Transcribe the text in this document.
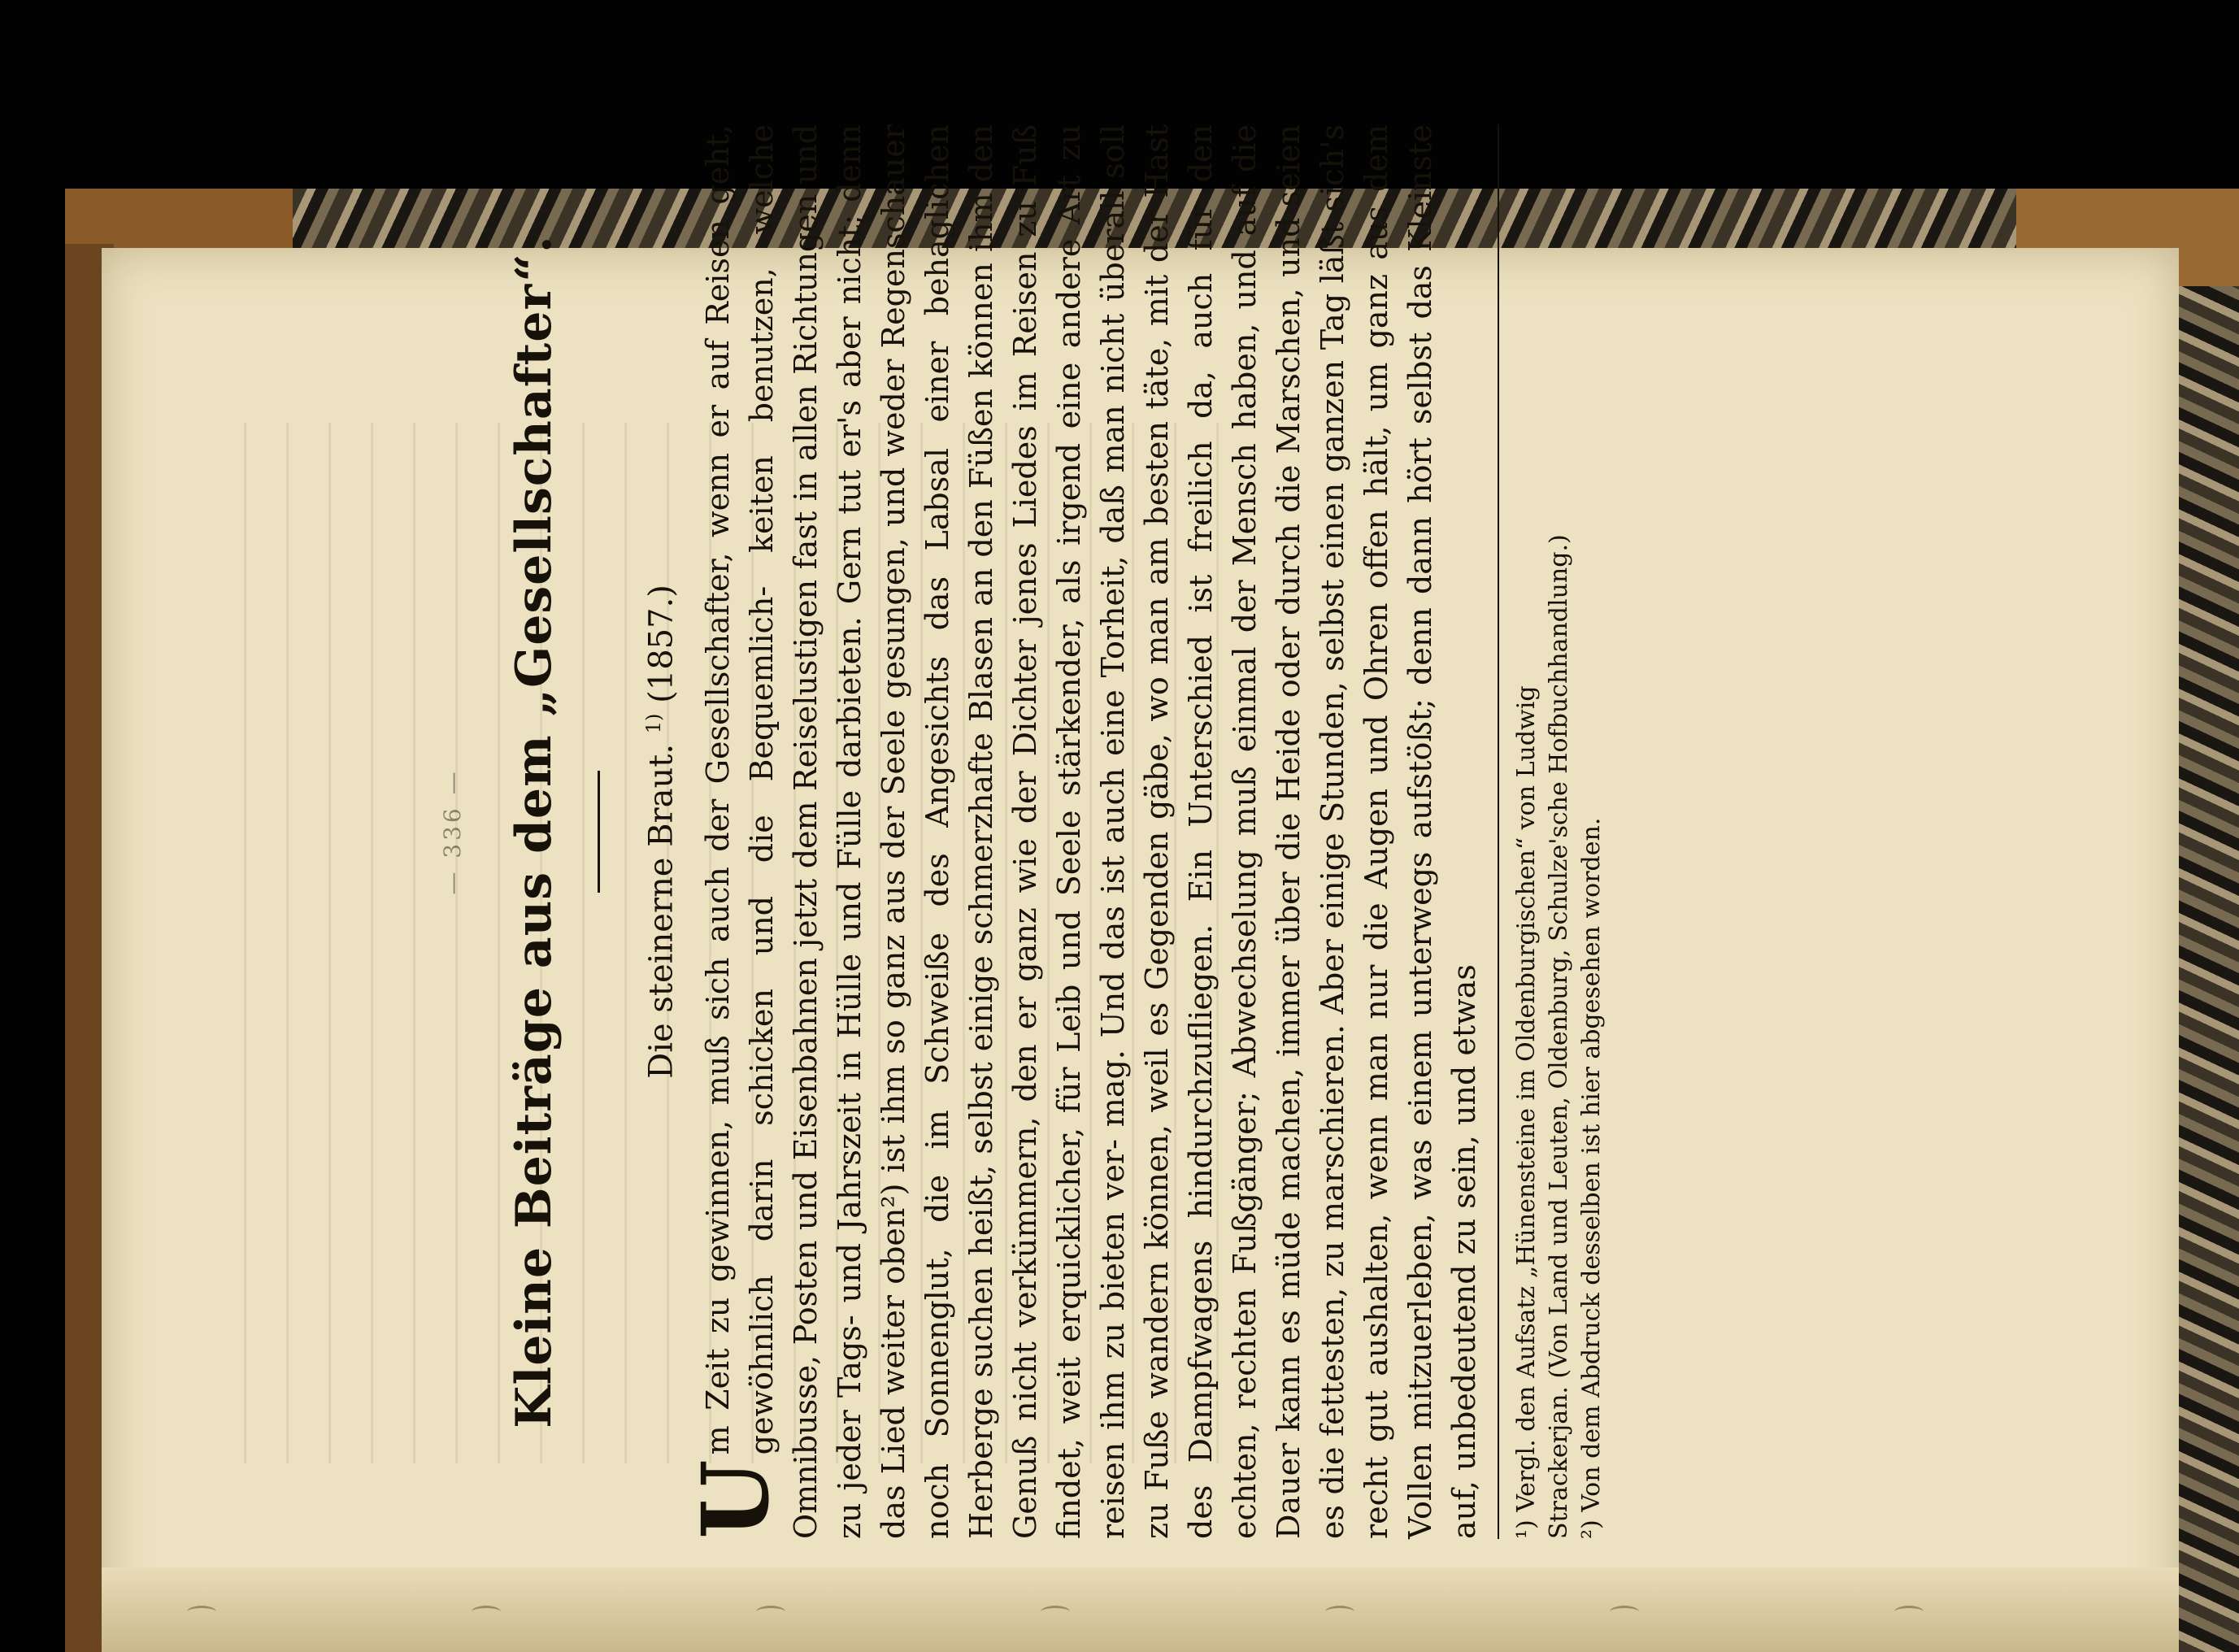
— 336 — Kleine Beiträge aus dem „Gesellschafter“.	Die steinerne Braut. $^{1)}$ (1857.)

U
m Zeit zu gewinnen, muß sich auch der Gesellschafter, wenn er auf Reisen geht, gewöhnlich darin schicken und die Bequemlich- keiten benutzen, welche Omnibusse, Posten und Eisenbahnen jetzt dem Reiselustigen fast in allen Richtungen und zu jeder Tags- und Jahrszeit in Hülle und Fülle darbieten. Gern tut er's aber nicht; denn das Lied weiter oben²) ist ihm so ganz aus der Seele gesungen, und weder Regenschauer noch Sonnenglut, die im Schweiße des Angesichts das Labsal einer behaglichen Herberge suchen heißt, selbst einige schmerzhafte Blasen an den Füßen können ihm den Genuß nicht verkümmern, den er ganz wie der Dichter jenes Liedes im Reisen zu Fuß findet, weit erquicklicher, für Leib und Seele stärkender, als irgend eine andere Art zu reisen ihm zu bieten ver- mag. Und das ist auch eine Torheit, daß man nicht überall soll zu Fuße wandern können, weil es Gegenden gäbe, wo man am besten täte, mit der Hast des Dampfwagens hindurchzufliegen. Ein Unterschied ist freilich da, auch für den echten, rechten Fußgänger; Abwechselung muß einmal der Mensch haben, und auf die Dauer kann es müde machen, immer über die Heide oder durch die Marschen, und seien es die fettesten, zu marschieren. Aber einige Stunden, selbst einen ganzen Tag läßt sich's recht gut aushalten, wenn man nur die Augen und Ohren offen hält, um ganz aus dem Vollen mitzuerleben, was einem unterwegs aufstößt; denn dann hört selbst das Kleinste auf, unbedeutend zu sein, und etwas ¹) Vergl. den Aufsatz „Hünensteine im Oldenburgischen“ von Ludwig Strackerjan. (Von Land und Leuten, Oldenburg, Schulze'sche Hofbuchhandlung.) ²) Von dem Abdruck desselben ist hier abgesehen worden.
